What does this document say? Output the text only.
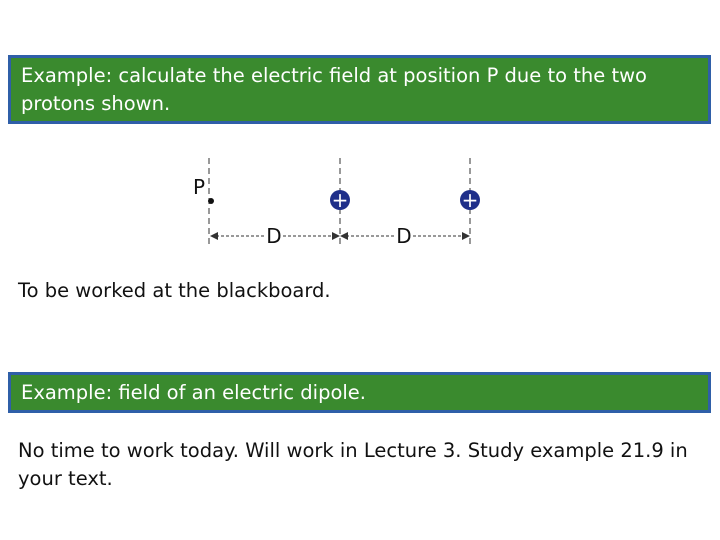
Example: calculate the electric field at position P due to the two protons shown.
P
+	+
D	D
To be worked at the blackboard.
Example: field of an electric dipole.
No time to work today. Will work in Lecture 3. Study example 21.9 in your text.
